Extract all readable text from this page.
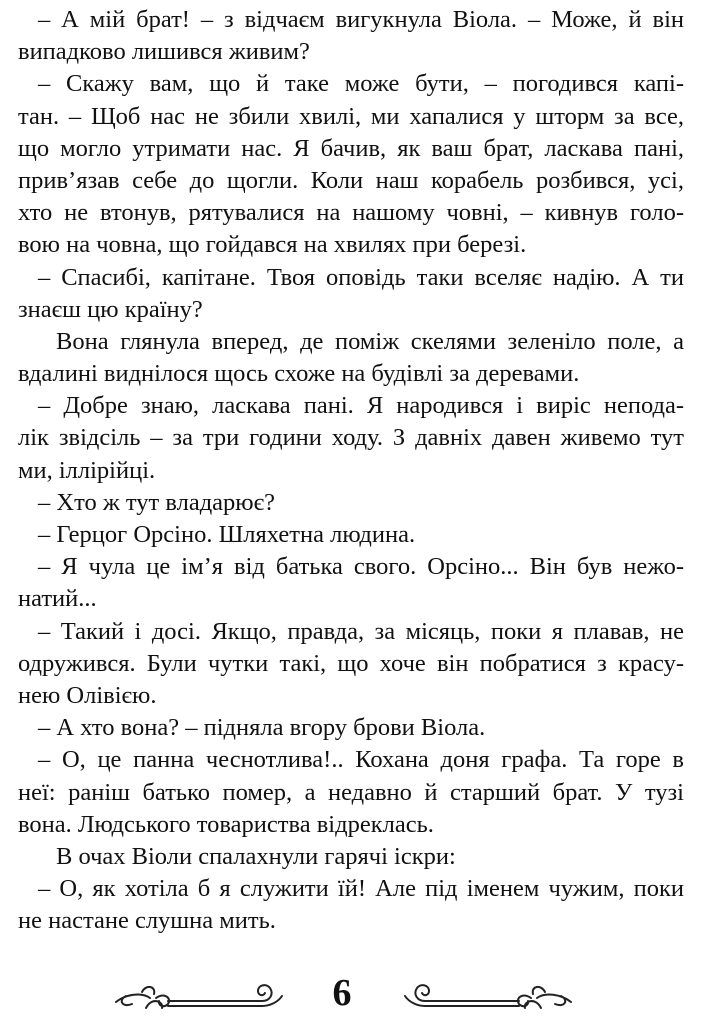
– А мій брат! – з відчаєм вигукнула Віола. – Може, й він
випадково лишився живим?
– Скажу вам, що й таке може бути, – погодився капі-
тан. – Щоб нас не збили хвилі, ми хапалися у шторм за все,
що могло утримати нас. Я бачив, як ваш брат, ласкава пані,
прив’язав себе до щогли. Коли наш корабель розбився, усі,
хто не втонув, рятувалися на нашому човні, – кивнув голо-
вою на човна, що гойдався на хвилях при березі.
– Спасибі, капітане. Твоя оповідь таки вселяє надію. А ти
знаєш цю країну?
Вона глянула вперед, де поміж скелями зеленіло поле, а
вдалині виднілося щось схоже на будівлі за деревами.
– Добре знаю, ласкава пані. Я народився і виріс непода-
лік звідсіль – за три години ходу. З давніх давен живемо тут
ми, іллірійці.
– Хто ж тут владарює?
– Герцог Орсіно. Шляхетна людина.
– Я чула це ім’я від батька свого. Орсіно... Він був нежо-
натий...
– Такий і досі. Якщо, правда, за місяць, поки я плавав, не
одружився. Були чутки такі, що хоче він побратися з красу-
нею Олівією.
– А хто вона? – підняла вгору брови Віола.
– О, це панна чеснотлива!.. Кохана доня графа. Та горе в
неї: раніш батько помер, а недавно й старший брат. У тузі
вона. Людського товариства відреклась.
В очах Віоли спалахнули гарячі іскри:
– О, як хотіла б я служити їй! Але під іменем чужим, поки
не настане слушна мить.
6
